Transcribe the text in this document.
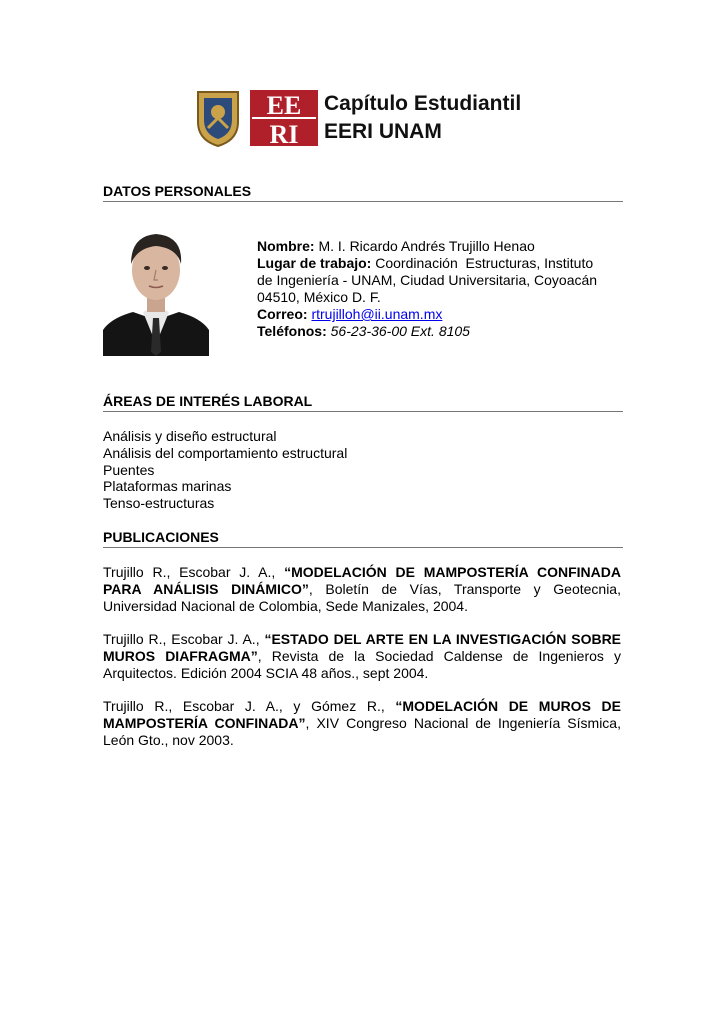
EE
RI
Capítulo Estudiantil
EERI UNAM
DATOS PERSONALES
Nombre: M. I. Ricardo Andrés Trujillo Henao
Lugar de trabajo: Coordinación  Estructuras, Instituto
de Ingeniería - UNAM, Ciudad Universitaria, Coyoacán
04510, México D. F.
Correo: rtrujilloh@ii.unam.mx
Teléfonos: 56-23-36-00 Ext. 8105
ÁREAS DE INTERÉS LABORAL
Análisis y diseño estructural
Análisis del comportamiento estructural
Puentes
Plataformas marinas
Tenso-estructuras
PUBLICACIONES
Trujillo R., Escobar J. A., “MODELACIÓN DE MAMPOSTERÍA CONFINADA PARA ANÁLISIS DINÁMICO”, Boletín de Vías, Transporte y Geotecnia, Universidad Nacional de Colombia, Sede Manizales, 2004.
Trujillo R., Escobar J. A., “ESTADO DEL ARTE EN LA INVESTIGACIÓN SOBRE MUROS DIAFRAGMA”, Revista de la Sociedad Caldense de Ingenieros y Arquitectos. Edición 2004 SCIA 48 años., sept 2004.
Trujillo R., Escobar J. A., y Gómez R., “MODELACIÓN DE MUROS DE MAMPOSTERÍA CONFINADA”, XIV Congreso Nacional de Ingeniería Sísmica, León Gto., nov 2003.
